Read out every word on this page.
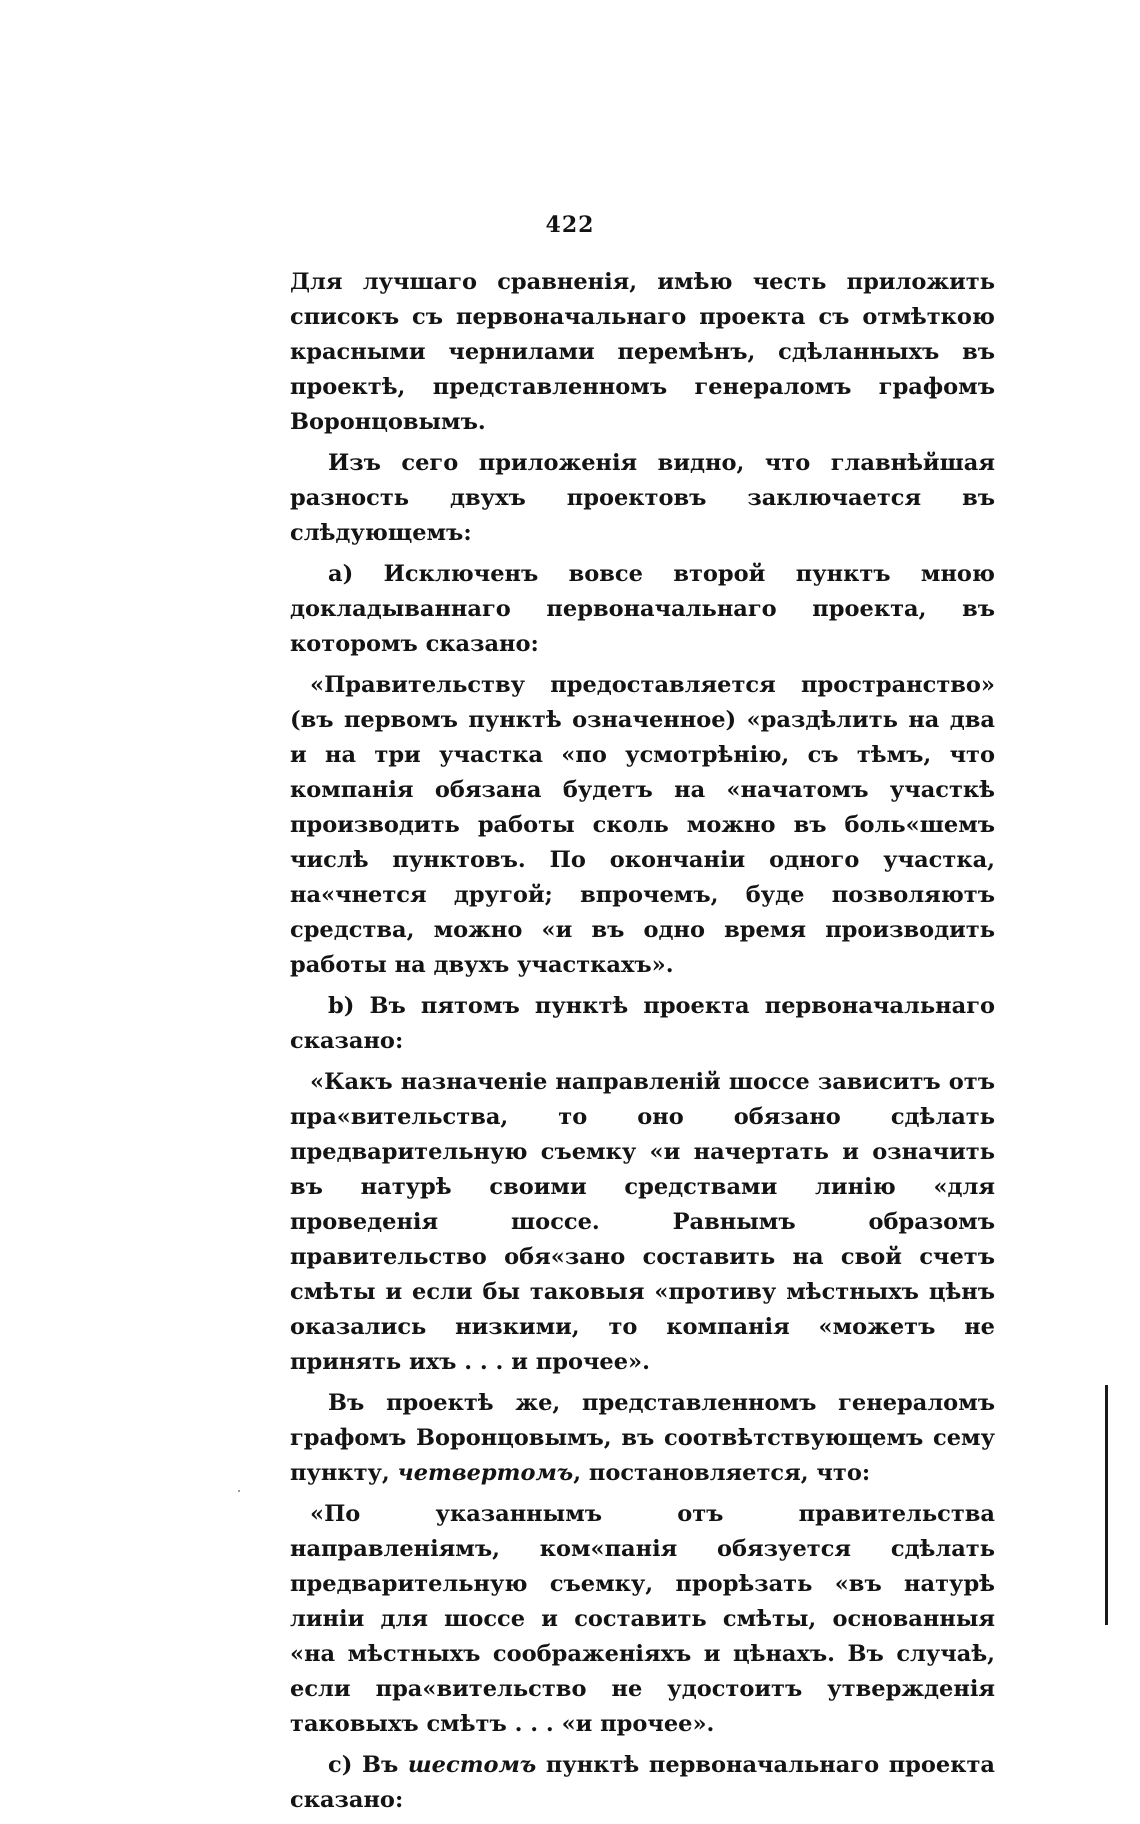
422

Для лучшаго сравненія, имѣю честь приложить списокъ съ первоначальнаго проекта съ отмѣткою красными чернилами перемѣнъ, сдѣланныхъ въ проектѣ, представленномъ генераломъ графомъ Воронцовымъ.

Изъ сего приложенія видно, что главнѣйшая разность двухъ проектовъ заключается въ слѣдующемъ:

a) Исключенъ вовсе второй пунктъ мною докладываннаго первоначальнаго проекта, въ которомъ сказано:

«Правительству предоставляется пространство» (въ первомъ пунктѣ означенное) «раздѣлить на два и на три участка «по усмотрѣнію, съ тѣмъ, что компанія обязана будетъ на «начатомъ участкѣ производить работы сколь можно въ боль«шемъ числѣ пунктовъ. По окончаніи одного участка, на«чнется другой; впрочемъ, буде позволяютъ средства, можно «и въ одно время производить работы на двухъ участкахъ».

b) Въ пятомъ пунктѣ проекта первоначальнаго сказано:

«Какъ назначеніе направленій шоссе зависитъ отъ пра«вительства, то оно обязано сдѣлать предварительную съемку «и начертать и означить въ натурѣ своими средствами линію «для проведенія шоссе. Равнымъ образомъ правительство обя«зано составить на свой счетъ смѣты и если бы таковыя «противу мѣстныхъ цѣнъ оказались низкими, то компанія «можетъ не принять ихъ . . . и прочее».

Въ проектѣ же, представленномъ генераломъ графомъ Воронцовымъ, въ соотвѣтствующемъ сему пункту, четвертомъ, постановляется, что:

«По указаннымъ отъ правительства направленіямъ, ком«панія обязуется сдѣлать предварительную съемку, прорѣзать «въ натурѣ линіи для шоссе и составить смѣты, основанныя «на мѣстныхъ соображеніяхъ и цѣнахъ. Въ случаѣ, если пра«вительство не удостоитъ утвержденія таковыхъ смѣтъ . . . «и прочее».

c) Въ шестомъ пунктѣ первоначальнаго проекта сказано:
